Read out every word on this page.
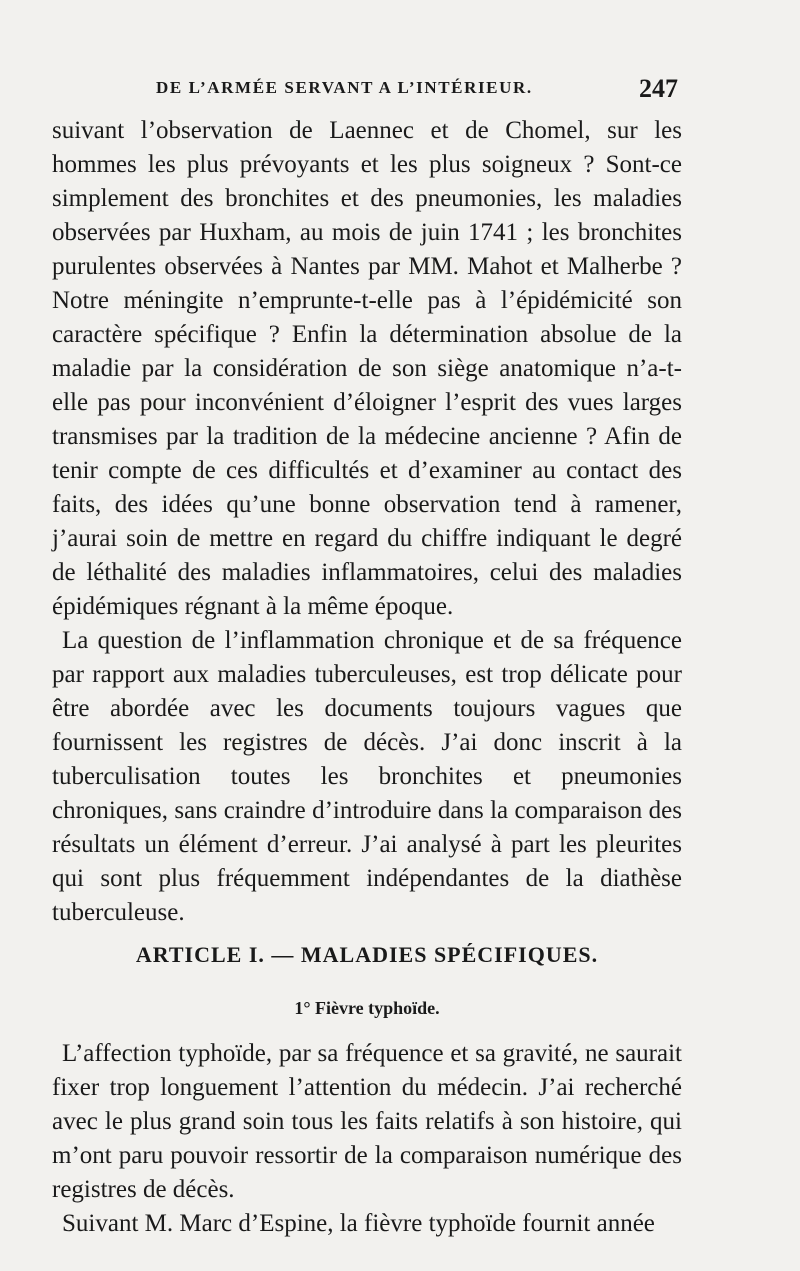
DE L’ARMÉE SERVANT A L’INTÉRIEUR.	247

suivant l’observation de Laennec et de Chomel, sur les hommes les plus prévoyants et les plus soigneux ? Sont-ce simplement des bronchites et des pneumonies, les maladies observées par Huxham, au mois de juin 1741 ; les bronchites purulentes observées à Nantes par MM. Mahot et Malherbe ? Notre méningite n’emprunte-t-elle pas à l’épidémicité son caractère spécifique ? Enfin la détermination absolue de la maladie par la considération de son siège anatomique n’a-t-elle pas pour inconvénient d’éloigner l’esprit des vues larges transmises par la tradition de la médecine ancienne ? Afin de tenir compte de ces difficultés et d’examiner au contact des faits, des idées qu’une bonne observation tend à ramener, j’aurai soin de mettre en regard du chiffre indiquant le degré de léthalité des maladies inflammatoires, celui des maladies épidémiques régnant à la même époque.

La question de l’inflammation chronique et de sa fréquence par rapport aux maladies tuberculeuses, est trop délicate pour être abordée avec les documents toujours vagues que fournissent les registres de décès. J’ai donc inscrit à la tuberculisation toutes les bronchites et pneumonies chroniques, sans craindre d’introduire dans la comparaison des résultats un élément d’erreur. J’ai analysé à part les pleurites qui sont plus fréquemment indépendantes de la diathèse tuberculeuse.

ARTICLE I. — MALADIES SPÉCIFIQUES.
1° Fièvre typhoïde.

L’affection typhoïde, par sa fréquence et sa gravité, ne saurait fixer trop longuement l’attention du médecin. J’ai recherché avec le plus grand soin tous les faits relatifs à son histoire, qui m’ont paru pouvoir ressortir de la comparaison numérique des registres de décès.

Suivant M. Marc d’Espine, la fièvre typhoïde fournit année
